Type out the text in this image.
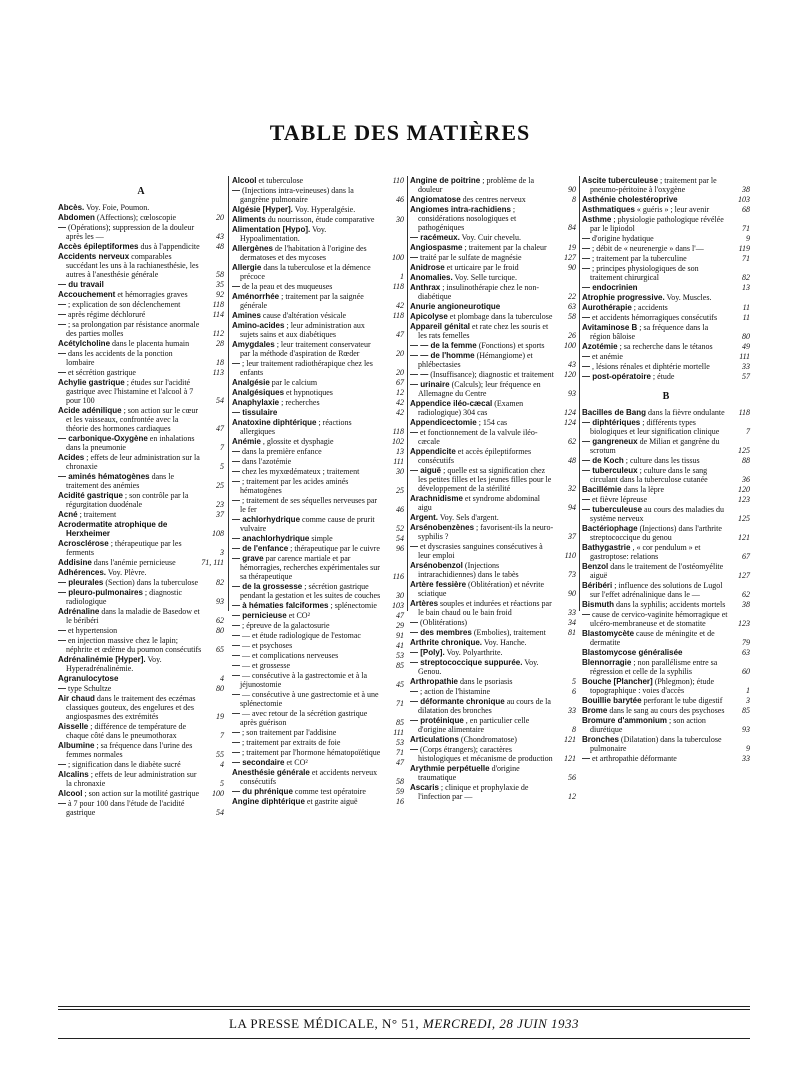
TABLE DES MATIÈRES
A
Abcès. Voy. Foie, Poumon.
Abdomen (Affections); cœloscopie	20
— (Opérations); suppression de la douleur après les —	43
Accès épileptiformes dus à l'appendicite 48
Accidents nerveux comparables succédant les uns à la rachianesthésie, les autres à l'anesthésie générale	58
— du travail	35
Accouchement et hémorragies graves	92
— ; explication de son déclenchement	118
— après régime déchloruré	114
— ; sa prolongation par résistance anormale des parties molles	112
Acétylcholine dans le placenta humain	28
— dans les accidents de la ponction lombaire	18
— et sécrétion gastrique	113
Achylie gastrique ; études sur l'acidité gastrique avec l'histamine et l'alcool à 7 pour 100	54
Acide adénilique ; son action sur le cœur et les vaisseaux, confrontée avec la théorie des hormones cardiaques	47
— carbonique-Oxygène en inhalations dans la pneumonie	7
Acides ; effets de leur administration sur la chronaxie	5
— aminés hématogènes dans le traitement des anémies	25
Acidité gastrique ; son contrôle par la régurgitation duodénale	23
Acné ; traitement	37
Acrodermatite atrophique de Herxheimer	108
Acrosclérose ; thérapeutique par les ferments	3
Addisine dans l'anémie pernicieuse	71, 111
Adhérences. Voy. Plèvre.
— pleurales (Section) dans la tuberculose 82
— pleuro-pulmonaires ; diagnostic radiologique	93
Adrénaline dans la maladie de Basedow et le béribéri	62
— et hypertension	80
— en injection massive chez le lapin; néphrite et œdème du poumon consécutifs 65
Adrénalinémie [Hyper]. Voy. Hyperadrénalinémie.
Agranulocytose	4
— type Schultze	80
Air chaud dans le traitement des eczémas classiques gouteux, des engelures et des angiospasmes des extrémités	19
Aisselle ; différence de température de chaque côté dans le pneumothorax	7
Albumine ; sa fréquence dans l'urine des femmes normales	55
— ; signification dans le diabète sucré	4
Alcalins ; effets de leur administration sur la chronaxie	5
Alcool ; son action sur la motilité gastrique 100
— à 7 pour 100 dans l'étude de l'acidité gastrique	54
Alcool et tuberculose	110
— (Injections intra-veineuses) dans la gangrène pulmonaire	46
Algésie [Hyper]. Voy. Hyperalgésie.
Aliments du nourrisson, étude comparative	30
Alimentation [Hypo]. Voy. Hypoalimentation.
Allergènes de l'habitation à l'origine des dermatoses et des mycoses	100
Allergie dans la tuberculose et la démence précoce	1
— de la peau et des muqueuses	118
Aménorrhée ; traitement par la saignée générale	42
Amines cause d'altération vésicale	118
Amino-acides ; leur administration aux sujets sains et aux diabétiques	47
Amygdales ; leur traitement conservateur par la méthode d'aspiration de Rœder	20
— ; leur traitement radiothérapique chez les enfants	20
Analgésie par le calcium	67
Analgésiques et hypnotiques	12
Anaphylaxie ; recherches	42
— tissulaire	42
Anatoxine diphtérique ; réactions allergiques	118
Anémie , glossite et dysphagie	102
— dans la première enfance	13
— dans l'azotémie	111
— chez les myxœdémateux ; traitement	30
— ; traitement par les acides aminés hématogènes	25
— ; traitement de ses séquelles nerveuses par le fer	46
— achlorhydrique comme cause de prurit vulvaire	52
— anachlorhydrique simple	54
— de l'enfance ; thérapeutique par le cuivre 96
— grave par carence martiale et par hémorragies, recherches expérimentales sur sa thérapeutique	116
— de la grossesse ; sécrétion gastrique pendant la gestation et les suites de couches 30
— à hématies falciformes ; splénectomie 103
— pernicieuse et CO²	47
— ; épreuve de la galactosurie	29
— — et étude radiologique de l'estomac	91
— — et psychoses	41
— — et complications nerveuses	53
— — et grossesse	85
— — consécutive à la gastrectomie et à la jéjunostomie	45
— — consécutive à une gastrectomie et à une splénectomie	71
— — avec retour de la sécrétion gastrique après guérison	85
— ; son traitement par l'addisine	111
— ; traitement par extraits de foie	53
— ; traitement par l'hormone hématopoïétique 71
— secondaire et CO²	47
Anesthésie générale et accidents nerveux consécutifs	58
— du phrénique comme test opératoire	59
Angine diphtérique et gastrite aiguë	16
Angine de poitrine ; problème de la douleur	90
Angiomatose des centres nerveux	8
Angiomes intra-rachidiens ; considérations nosologiques et pathogéniques	84
— racémeux. Voy. Cuir chevelu.
Angiospasme ; traitement par la chaleur	19
— traité par le sulfate de magnésie	127
Anidrose et urticaire par le froid	90
Anomalies. Voy. Selle turcique.
Anthrax ; insulinothérapie chez le non-diabétique	22
Anurie angioneurotique	63
Apicolyse et plombage dans la tuberculose 58
Appareil génital et rate chez les souris et les rats femelles	26
— — de la femme (Fonctions) et sports 100
— — de l'homme (Hémangiome) et phlébectasies	43
— — (Insuffisance); diagnostic et traitement 120
— urinaire (Calculs); leur fréquence en Allemagne du Centre	93
Appendice iléo-cæcal (Examen radiologique) 304 cas	124
Appendicectomie ; 154 cas	124
— et fonctionnement de la valvule iléo-cæcale	62
Appendicite et accès épileptiformes consécutifs	48
— aiguë ; quelle est sa signification chez les petites filles et les jeunes filles pour le développement de la stérilité	32
Arachnidisme et syndrome abdominal aigu	94
Argent. Voy. Sels d'argent.
Arsénobenzènes ; favorisent-ils la neuro-syphilis ?	37
— et dyscrasies sanguines consécutives à leur emploi	110
Arsénobenzol (Injections intrarachidiennes) dans le tabès	73
Artère fessière (Oblitération) et névrite sciatique	90
Artères souples et indurées et réactions par le bain chaud ou le bain froid	33
— (Oblitérations)	34
— des membres (Embolies), traitement	81
Arthrite chronique. Voy. Hanche.
— [Poly]. Voy. Polyarthrite.
— streptococcique suppurée. Voy. Genou.
Arthropathie dans le psoriasis	5
— ; action de l'histamine	6
— déformante chronique au cours de la dilatation des bronches	33
— protéinique , en particulier celle d'origine alimentaire	8
Articulations (Chondromatose)	121
— (Corps étrangers); caractères histologiques et mécanisme de production 121
Arythmie perpétuelle d'origine traumatique	56
Ascaris ; clinique et prophylaxie de l'infection par —	12
Ascite tuberculeuse ; traitement par le pneumo-péritoine à l'oxygène	38
Asthénie cholestéroprive	103
Asthmatiques « guéris » ; leur avenir	68
Asthme ; physiologie pathologique révélée par le lipiodol	71
— d'origine hydatique	9
— ; débit de « neurenergie » dans l'—	119
— ; traitement par la tuberculine	71
— ; principes physiologiques de son traitement chirurgical	82
— endocrinien	13
Atrophie progressive. Voy. Muscles.
Aurothérapie ; accidents	11
— et accidents hémorragiques consécutifs	11
Avitaminose B ; sa fréquence dans la région bâloise	80
Azotémie ; sa recherche dans le tétanos	49
— et anémie	111
— , lésions rénales et diphtérie mortelle	33
— post-opératoire ; étude	57
B
Bacilles de Bang dans la fièvre ondulante 118
— diphtériques ; différents types biologiques et leur signification clinique	7
— gangreneux de Milian et gangrène du scrotum	125
— de Koch ; culture dans les tissus	88
— tuberculeux ; culture dans le sang circulant dans la tuberculose cutanée	36
Bacillémie dans la lèpre	120
— et fièvre lépreuse	123
— tuberculeuse au cours des maladies du système nerveux	125
Bactériophage (Injections) dans l'arthrite streptococcique du genou	121
Bathygastrie , « cor pendulum » et gastroptose: relations	67
Benzol dans le traitement de l'ostéomyélite aiguë	127
Béribéri ; influence des solutions de Lugol sur l'effet adrénalinique dans le —	62
Bismuth dans la syphilis; accidents mortels 38
— cause de cervico-vaginite hémorragique et ulcéro-membraneuse et de stomatite	123
Blastomycète cause de méningite et de dermatite	79
Blastomycose généralisée	63
Blennorragie ; non parallélisme entre sa régression et celle de la syphilis	60
Bouche [Plancher] (Phlegmon); étude topographique : voies d'accès	1
Bouillie barytée perforant le tube digestif	3
Brome dans le sang au cours des psychoses 85
Bromure d'ammonium ; son action diurétique	93
Bronches (Dilatation) dans la tuberculose pulmonaire	9
— et arthropathie déformante	33
LA PRESSE MÉDICALE, N° 51, MERCREDI, 28 JUIN 1933
